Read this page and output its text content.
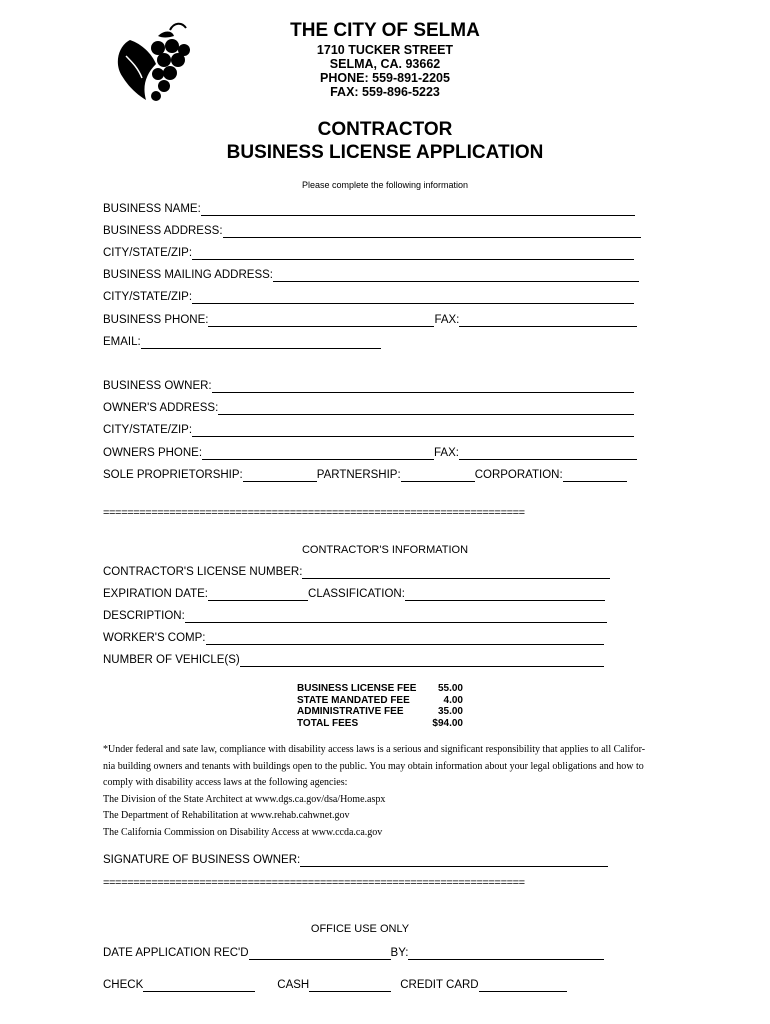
THE CITY OF SELMA
1710 TUCKER STREET
SELMA, CA. 93662
PHONE: 559-891-2205
FAX: 559-896-5223
CONTRACTOR
BUSINESS LICENSE APPLICATION
Please complete the following information
BUSINESS NAME:
BUSINESS ADDRESS:
CITY/STATE/ZIP:
BUSINESS MAILING ADDRESS:
CITY/STATE/ZIP:
BUSINESS PHONE:	FAX:
EMAIL:
BUSINESS OWNER:
OWNER'S ADDRESS:
CITY/STATE/ZIP:
OWNERS PHONE:	FAX:
SOLE PROPRIETORSHIP:	PARTNERSHIP:	CORPORATION:
======================================================================
CONTRACTOR'S INFORMATION
CONTRACTOR'S LICENSE NUMBER:
EXPIRATION DATE:	CLASSIFICATION:
DESCRIPTION:
WORKER'S COMP:
NUMBER OF VEHICLE(S)
BUSINESS LICENSE FEE	55.00
STATE MANDATED FEE	4.00
ADMINISTRATIVE FEE	35.00
TOTAL FEES	$94.00
*Under federal and sate law, compliance with disability access laws is a serious and significant responsibility that applies to all Califor-
nia building owners and tenants with buildings open to the public. You may obtain information about your legal obligations and how to
comply with disability access laws at the following agencies:
The Division of the State Architect at www.dgs.ca.gov/dsa/Home.aspx
The Department of Rehabilitation at www.rehab.cahwnet.gov
The California Commission on Disability Access at www.ccda.ca.gov
SIGNATURE OF BUSINESS OWNER:
======================================================================
OFFICE USE ONLY
DATE APPLICATION REC'D	BY:
CHECK	CASH	CREDIT CARD
